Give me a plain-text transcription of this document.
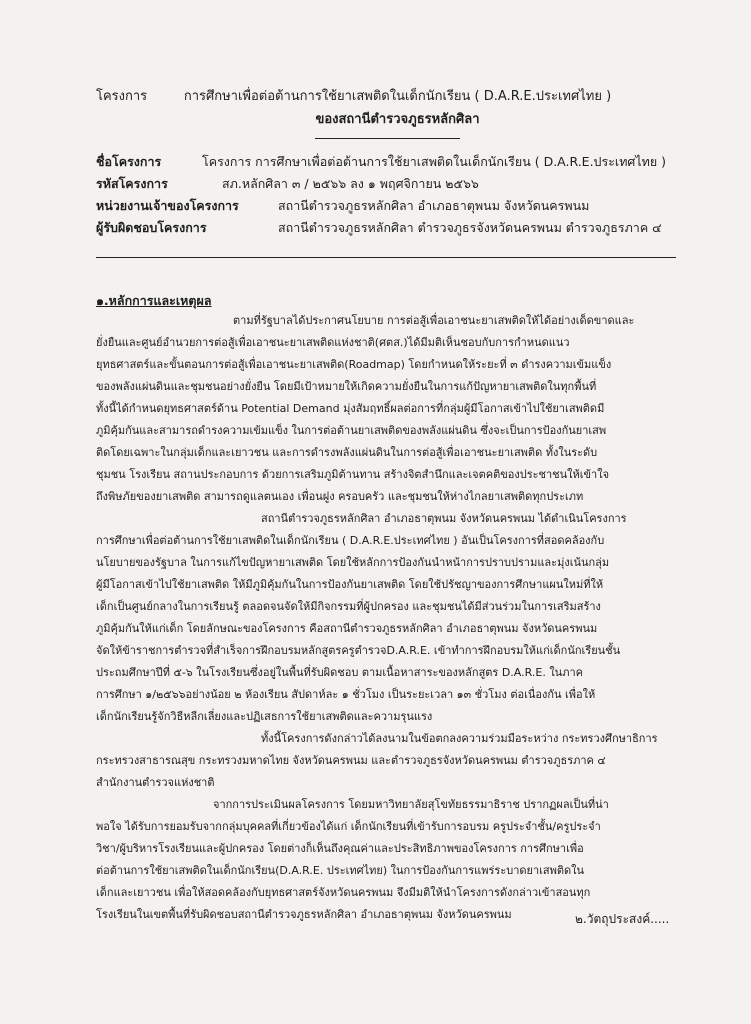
โครงการ	การศึกษาเพื่อต่อต้านการใช้ยาเสพติดในเด็กนักเรียน ( D.A.R.E.ประเทศไทย )
ของสถานีตำรวจภูธรหลักศิลา
ชื่อโครงการ	โครงการ การศึกษาเพื่อต่อต้านการใช้ยาเสพติดในเด็กนักเรียน ( D.A.R.E.ประเทศไทย )
รหัสโครงการ	สภ.หลักศิลา ๓ / ๒๕๖๖ ลง ๑ พฤศจิกายน ๒๕๖๖
หน่วยงานเจ้าของโครงการ	สถานีตำรวจภูธรหลักศิลา อำเภอธาตุพนม จังหวัดนครพนม
ผู้รับผิดชอบโครงการ	สถานีตำรวจภูธรหลักศิลา ตำรวจภูธรจังหวัดนครพนม ตำรวจภูธรภาค ๔
๑.หลักการและเหตุผล
ตามที่รัฐบาลได้ประกาศนโยบาย การต่อสู้เพื่อเอาชนะยาเสพติดให้ได้อย่างเด็ดขาดและ
ยั่งยืนและศูนย์อำนวยการต่อสู้เพื่อเอาชนะยาเสพติดแห่งชาติ(ศตส.)ได้มีมติเห็นชอบกับการกำหนดแนว
ยุทธศาสตร์และขั้นตอนการต่อสู้เพื่อเอาชนะยาเสพติด(Roadmap) โดยกำหนดให้ระยะที่ ๓ ดำรงความเข้มแข็ง
ของพลังแผ่นดินและชุมชนอย่างยั่งยืน โดยมีเป้าหมายให้เกิดความยั่งยืนในการแก้ปัญหายาเสพติดในทุกพื้นที่
ทั้งนี้ได้กำหนดยุทธศาสตร์ด้าน Potential Demand มุ่งสัมฤทธิ์ผลต่อการที่กลุ่มผู้มีโอกาสเข้าไปใช้ยาเสพติดมี
ภูมิคุ้มกันและสามารถดำรงความเข้มแข็ง ในการต่อต้านยาเสพติดของพลังแผ่นดิน ซึ่งจะเป็นการป้องกันยาเสพ
ติดโดยเฉพาะในกลุ่มเด็กและเยาวชน และการดำรงพลังแผ่นดินในการต่อสู้เพื่อเอาชนะยาเสพติด ทั้งในระดับ
ชุมชน โรงเรียน สถานประกอบการ ด้วยการเสริมภูมิต้านทาน สร้างจิตสำนึกและเจตคติของประชาชนให้เข้าใจ
ถึงพิษภัยของยาเสพติด สามารถดูแลตนเอง เพื่อนฝูง ครอบครัว และชุมชนให้ห่างไกลยาเสพติดทุกประเภท
สถานีตำรวจภูธรหลักศิลา อำเภอธาตุพนม จังหวัดนครพนม ได้ดำเนินโครงการ
การศึกษาเพื่อต่อต้านการใช้ยาเสพติดในเด็กนักเรียน ( D.A.R.E.ประเทศไทย ) อันเป็นโครงการที่สอดคล้องกับ
นโยบายของรัฐบาล ในการแก้ไขปัญหายาเสพติด โดยใช้หลักการป้องกันนำหน้าการปราบปรามและมุ่งเน้นกลุ่ม
ผู้มีโอกาสเข้าไปใช้ยาเสพติด ให้มีภูมิคุ้มกันในการป้องกันยาเสพติด โดยใช้ปรัชญาของการศึกษาแผนใหม่ที่ให้
เด็กเป็นศูนย์กลางในการเรียนรู้ ตลอดจนจัดให้มีกิจกรรมที่ผู้ปกครอง และชุมชนได้มีส่วนร่วมในการเสริมสร้าง
ภูมิคุ้มกันให้แก่เด็ก โดยลักษณะของโครงการ คือสถานีตำรวจภูธรหลักศิลา อำเภอธาตุพนม จังหวัดนครพนม
จัดให้ข้าราชการตำรวจที่สำเร็จการฝึกอบรมหลักสูตรครูตำรวจD.A.R.E. เข้าทำการฝึกอบรมให้แก่เด็กนักเรียนชั้น
ประถมศึกษาปีที่ ๕-๖ ในโรงเรียนซึ่งอยู่ในพื้นที่รับผิดชอบ ตามเนื้อหาสาระของหลักสูตร D.A.R.E. ในภาค
การศึกษา ๑/๒๕๖๖อย่างน้อย ๒ ห้องเรียน สัปดาห์ละ ๑ ชั่วโมง เป็นระยะเวลา ๑๓ ชั่วโมง ต่อเนื่องกัน เพื่อให้
เด็กนักเรียนรู้จักวิธีหลีกเลี่ยงและปฏิเสธการใช้ยาเสพติดและความรุนแรง
ทั้งนี้โครงการดังกล่าวได้ลงนามในข้อตกลงความร่วมมือระหว่าง กระทรวงศึกษาธิการ
กระทรวงสาธารณสุข กระทรวงมหาดไทย จังหวัดนครพนม และตำรวจภูธรจังหวัดนครพนม ตำรวจภูธรภาค ๔
สำนักงานตำรวจแห่งชาติ
จากการประเมินผลโครงการ โดยมหาวิทยาลัยสุโขทัยธรรมาธิราช ปรากฏผลเป็นที่น่า
พอใจ ได้รับการยอมรับจากกลุ่มบุคคลที่เกี่ยวข้องได้แก่ เด็กนักเรียนที่เข้ารับการอบรม ครูประจำชั้น/ครูประจำ
วิชา/ผู้บริหารโรงเรียนและผู้ปกครอง โดยต่างก็เห็นถึงคุณค่าและประสิทธิภาพของโครงการ การศึกษาเพื่อ
ต่อต้านการใช้ยาเสพติดในเด็กนักเรียน(D.A.R.E. ประเทศไทย) ในการป้องกันการแพร่ระบาดยาเสพติดใน
เด็กและเยาวชน เพื่อให้สอดคล้องกับยุทธศาสตร์จังหวัดนครพนม จึงมีมติให้นำโครงการดังกล่าวเข้าสอนทุก
โรงเรียนในเขตพื้นที่รับผิดชอบสถานีตำรวจภูธรหลักศิลา อำเภอธาตุพนม จังหวัดนครพนม	๒.วัตถุประสงค์.....
